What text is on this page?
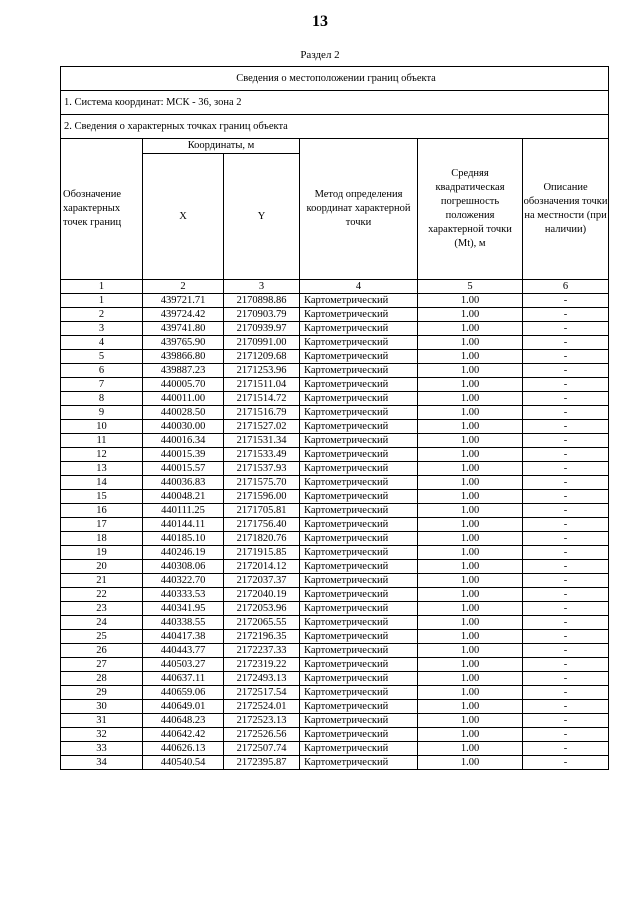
13
Раздел 2
Сведения о местоположении границ объекта					
1. Система координат: МСК - 36, зона 2					
2. Сведения о характерных точках границ объекта					
Обозначение характерных точек границ	Координаты, м		Метод определения координат характерной точки	Средняя квадратическая погрешность положения характерной точки (Mt), м	Описание обозначения точки на местности (при наличии)
	X	Y			
1	2	3	4	5	6
1	439721.71	2170898.86	Картометрический	1.00	-
2	439724.42	2170903.79	Картометрический	1.00	-
3	439741.80	2170939.97	Картометрический	1.00	-
4	439765.90	2170991.00	Картометрический	1.00	-
5	439866.80	2171209.68	Картометрический	1.00	-
6	439887.23	2171253.96	Картометрический	1.00	-
7	440005.70	2171511.04	Картометрический	1.00	-
8	440011.00	2171514.72	Картометрический	1.00	-
9	440028.50	2171516.79	Картометрический	1.00	-
10	440030.00	2171527.02	Картометрический	1.00	-
11	440016.34	2171531.34	Картометрический	1.00	-
12	440015.39	2171533.49	Картометрический	1.00	-
13	440015.57	2171537.93	Картометрический	1.00	-
14	440036.83	2171575.70	Картометрический	1.00	-
15	440048.21	2171596.00	Картометрический	1.00	-
16	440111.25	2171705.81	Картометрический	1.00	-
17	440144.11	2171756.40	Картометрический	1.00	-
18	440185.10	2171820.76	Картометрический	1.00	-
19	440246.19	2171915.85	Картометрический	1.00	-
20	440308.06	2172014.12	Картометрический	1.00	-
21	440322.70	2172037.37	Картометрический	1.00	-
22	440333.53	2172040.19	Картометрический	1.00	-
23	440341.95	2172053.96	Картометрический	1.00	-
24	440338.55	2172065.55	Картометрический	1.00	-
25	440417.38	2172196.35	Картометрический	1.00	-
26	440443.77	2172237.33	Картометрический	1.00	-
27	440503.27	2172319.22	Картометрический	1.00	-
28	440637.11	2172493.13	Картометрический	1.00	-
29	440659.06	2172517.54	Картометрический	1.00	-
30	440649.01	2172524.01	Картометрический	1.00	-
31	440648.23	2172523.13	Картометрический	1.00	-
32	440642.42	2172526.56	Картометрический	1.00	-
33	440626.13	2172507.74	Картометрический	1.00	-
34	440540.54	2172395.87	Картометрический	1.00	-
